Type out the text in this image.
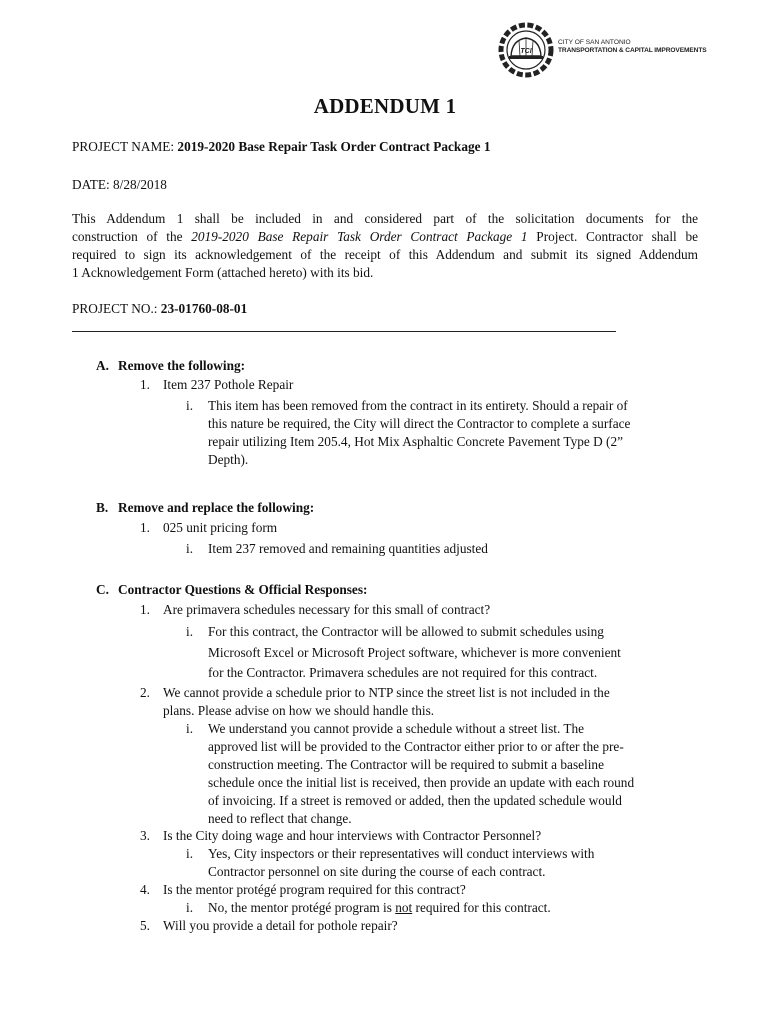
TCI
CITY OF SAN ANTONIO
TRANSPORTATION & CAPITAL IMPROVEMENTS
ADDENDUM 1
PROJECT NAME: 2019-2020 Base Repair Task Order Contract Package 1
DATE: 8/28/2018
This Addendum 1 shall be included in and considered part of the solicitation documents for the
construction of the 2019-2020 Base Repair Task Order Contract Package 1 Project. Contractor shall be
required to sign its acknowledgement of the receipt of this Addendum and submit its signed Addendum
1 Acknowledgement Form (attached hereto) with its bid.
PROJECT NO.: 23-01760-08-01
A. Remove the following:
1. Item 237 Pothole Repair
i. This item has been removed from the contract in its entirety. Should a repair of
this nature be required, the City will direct the Contractor to complete a surface
repair utilizing Item 205.4, Hot Mix Asphaltic Concrete Pavement Type D (2”
Depth).
B. Remove and replace the following:
1. 025 unit pricing form
i. Item 237 removed and remaining quantities adjusted
C. Contractor Questions & Official Responses:
1. Are primavera schedules necessary for this small of contract?
i. For this contract, the Contractor will be allowed to submit schedules using
Microsoft Excel or Microsoft Project software, whichever is more convenient
for the Contractor. Primavera schedules are not required for this contract.
2. We cannot provide a schedule prior to NTP since the street list is not included in the
plans. Please advise on how we should handle this.
i. We understand you cannot provide a schedule without a street list. The
approved list will be provided to the Contractor either prior to or after the pre-
construction meeting. The Contractor will be required to submit a baseline
schedule once the initial list is received, then provide an update with each round
of invoicing. If a street is removed or added, then the updated schedule would
need to reflect that change.
3. Is the City doing wage and hour interviews with Contractor Personnel?
i. Yes, City inspectors or their representatives will conduct interviews with
Contractor personnel on site during the course of each contract.
4. Is the mentor protégé program required for this contract?
i. No, the mentor protégé program is not required for this contract.
5. Will you provide a detail for pothole repair?
